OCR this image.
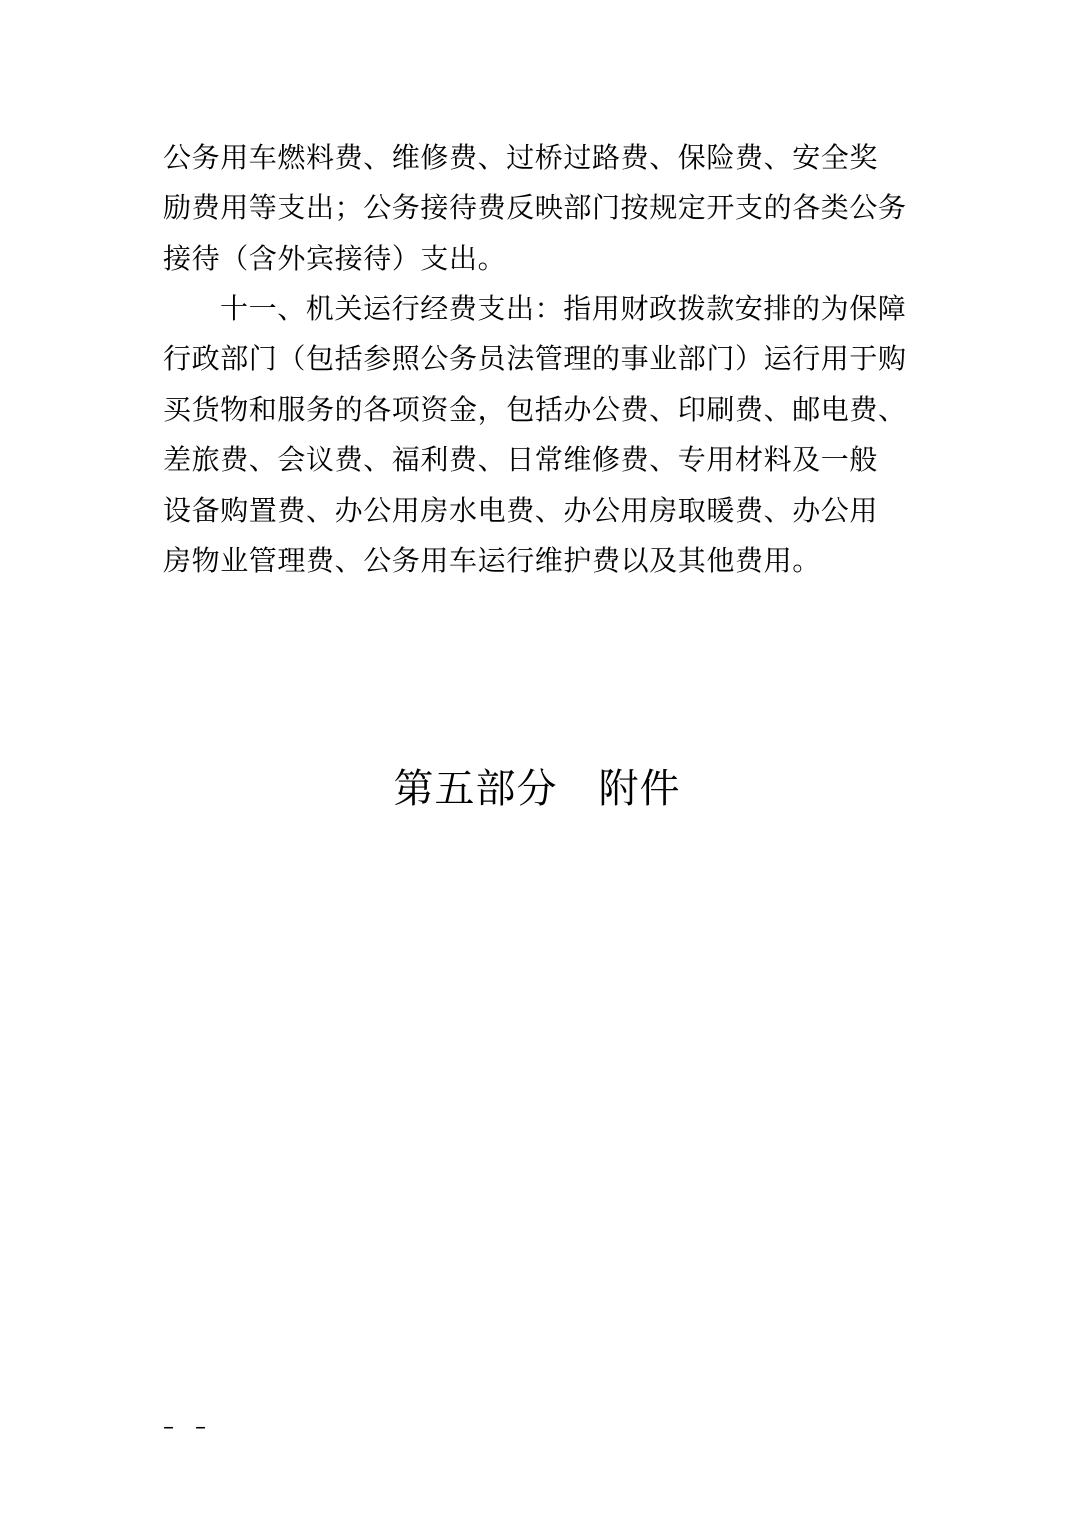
公务用车燃料费、维修费、过桥过路费、保险费、安全奖
励费用等支出；公务接待费反映部门按规定开支的各类公务
接待（含外宾接待）支出。
十一、机关运行经费支出：指用财政拨款安排的为保障
行政部门（包括参照公务员法管理的事业部门）运行用于购
买货物和服务的各项资金，包括办公费、印刷费、邮电费、
差旅费、会议费、福利费、日常维修费、专用材料及一般
设备购置费、办公用房水电费、办公用房取暖费、办公用
房物业管理费、公务用车运行维护费以及其他费用。
第五部分　附件
–   –
